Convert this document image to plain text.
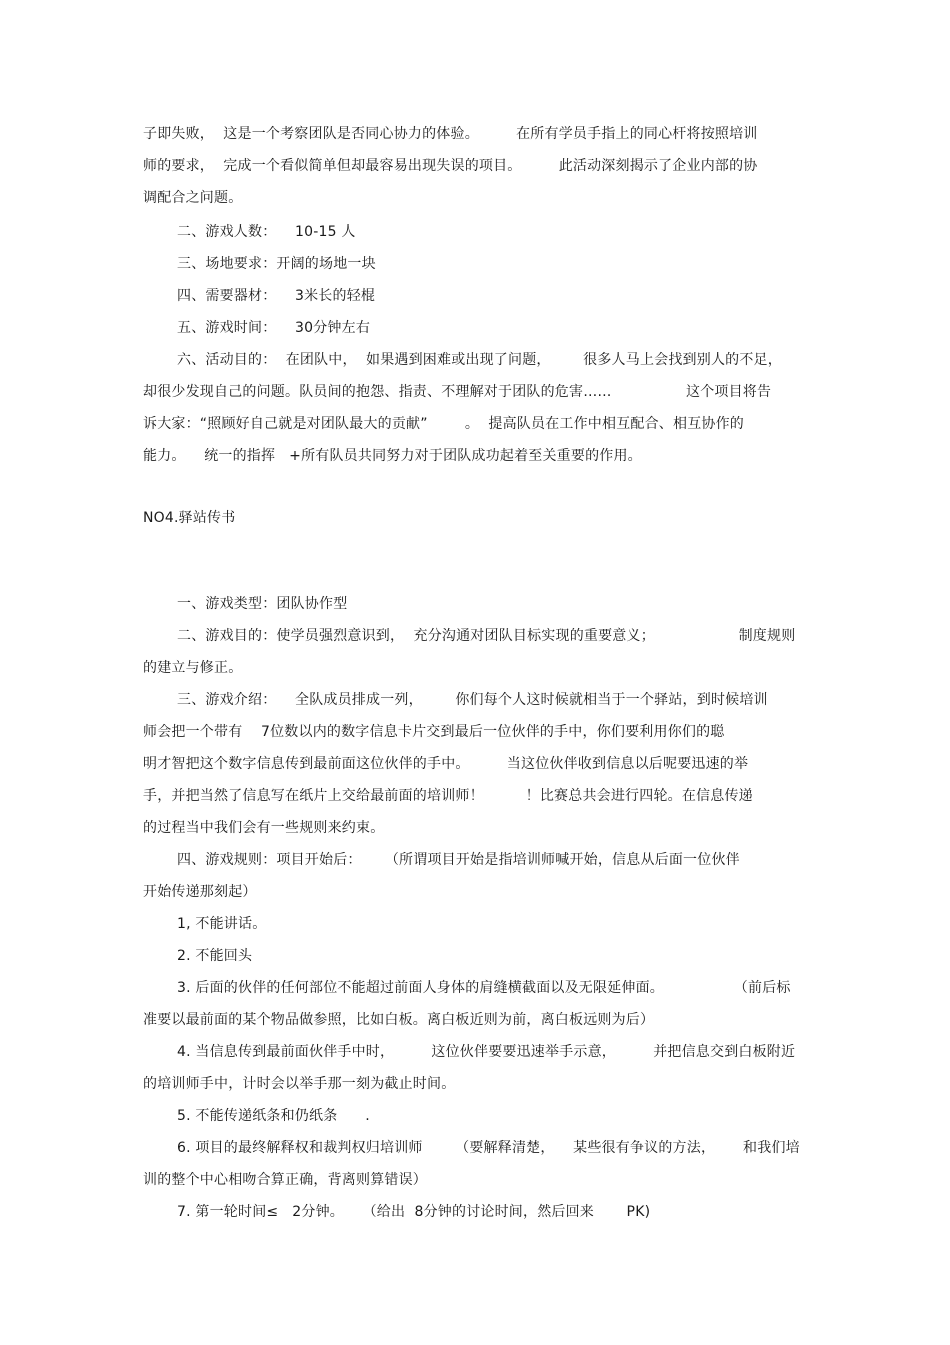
子即失败，  这是一个考察团队是否同心协力的体验。        在所有学员手指上的同心杆将按照培训
师的要求，  完成一个看似简单但却最容易出现失误的项目。        此活动深刻揭示了企业内部的协
调配合之问题。
二、游戏人数：    10-15 人
三、场地要求：开阔的场地一块
四、需要器材：    3米长的轻棍
五、游戏时间：    30分钟左右
六、活动目的：  在团队中，  如果遇到困难或出现了问题，       很多人马上会找到别人的不足，
却很少发现自己的问题。队员间的抱怨、指责、不理解对于团队的危害……                这个项目将告
诉大家：“照顾好自己就是对团队最大的贡献”        。  提高队员在工作中相互配合、相互协作的
能力。    统一的指挥   +所有队员共同努力对于团队成功起着至关重要的作用。
NO4.驿站传书
一、游戏类型：团队协作型
二、游戏目的：使学员强烈意识到，  充分沟通对团队目标实现的重要意义；                  制度规则
的建立与修正。
三、游戏介绍：    全队成员排成一列，       你们每个人这时候就相当于一个驿站，到时候培训
师会把一个带有    7位数以内的数字信息卡片交到最后一位伙伴的手中，你们要利用你们的聪
明才智把这个数字信息传到最前面这位伙伴的手中。        当这位伙伴收到信息以后呢要迅速的举
手，并把当然了信息写在纸片上交给最前面的培训师！         ！比赛总共会进行四轮。在信息传递
的过程当中我们会有一些规则来约束。
四、游戏规则：项目开始后：     （所谓项目开始是指培训师喊开始，信息从后面一位伙伴
开始传递那刻起）
1, 不能讲话。
2. 不能回头
3. 后面的伙伴的任何部位不能超过前面人身体的肩缝横截面以及无限延伸面。               （前后标
准要以最前面的某个物品做参照，比如白板。离白板近则为前，离白板远则为后）
4. 当信息传到最前面伙伴手中时，        这位伙伴要要迅速举手示意，        并把信息交到白板附近
的培训师手中，计时会以举手那一刻为截止时间。
5. 不能传递纸条和仍纸条      .
6. 项目的最终解释权和裁判权归培训师       （要解释清楚，    某些很有争议的方法，      和我们培
训的整个中心相吻合算正确，背离则算错误）
7. 第一轮时间≤   2分钟。    （给出  8分钟的讨论时间，然后回来       PK)
